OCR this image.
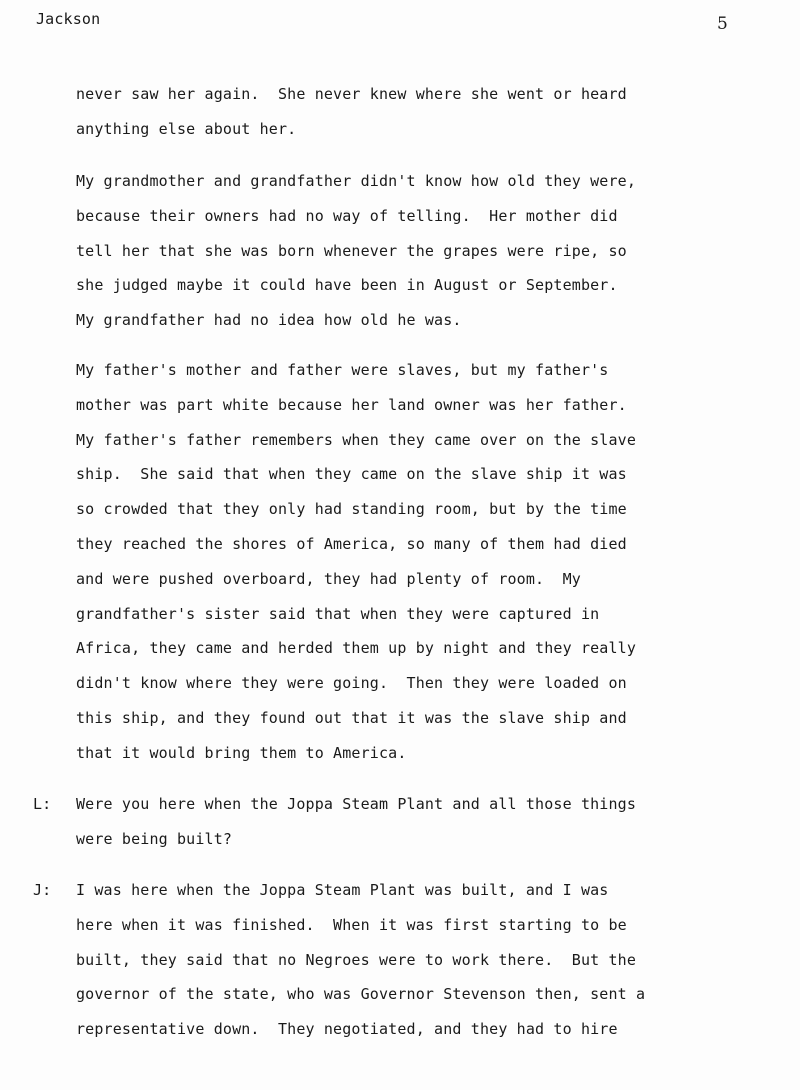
Jackson	5
never saw her again.  She never knew where she went or heard
anything else about her.
My grandmother and grandfather didn't know how old they were,
because their owners had no way of telling.  Her mother did
tell her that she was born whenever the grapes were ripe, so
she judged maybe it could have been in August or September.
My grandfather had no idea how old he was.
My father's mother and father were slaves, but my father's
mother was part white because her land owner was her father.
My father's father remembers when they came over on the slave
ship.  She said that when they came on the slave ship it was
so crowded that they only had standing room, but by the time
they reached the shores of America, so many of them had died
and were pushed overboard, they had plenty of room.  My
grandfather's sister said that when they were captured in
Africa, they came and herded them up by night and they really
didn't know where they were going.  Then they were loaded on
this ship, and they found out that it was the slave ship and
that it would bring them to America.
L: Were you here when the Joppa Steam Plant and all those things
were being built?
J: I was here when the Joppa Steam Plant was built, and I was
here when it was finished.  When it was first starting to be
built, they said that no Negroes were to work there.  But the
governor of the state, who was Governor Stevenson then, sent a
representative down.  They negotiated, and they had to hire
